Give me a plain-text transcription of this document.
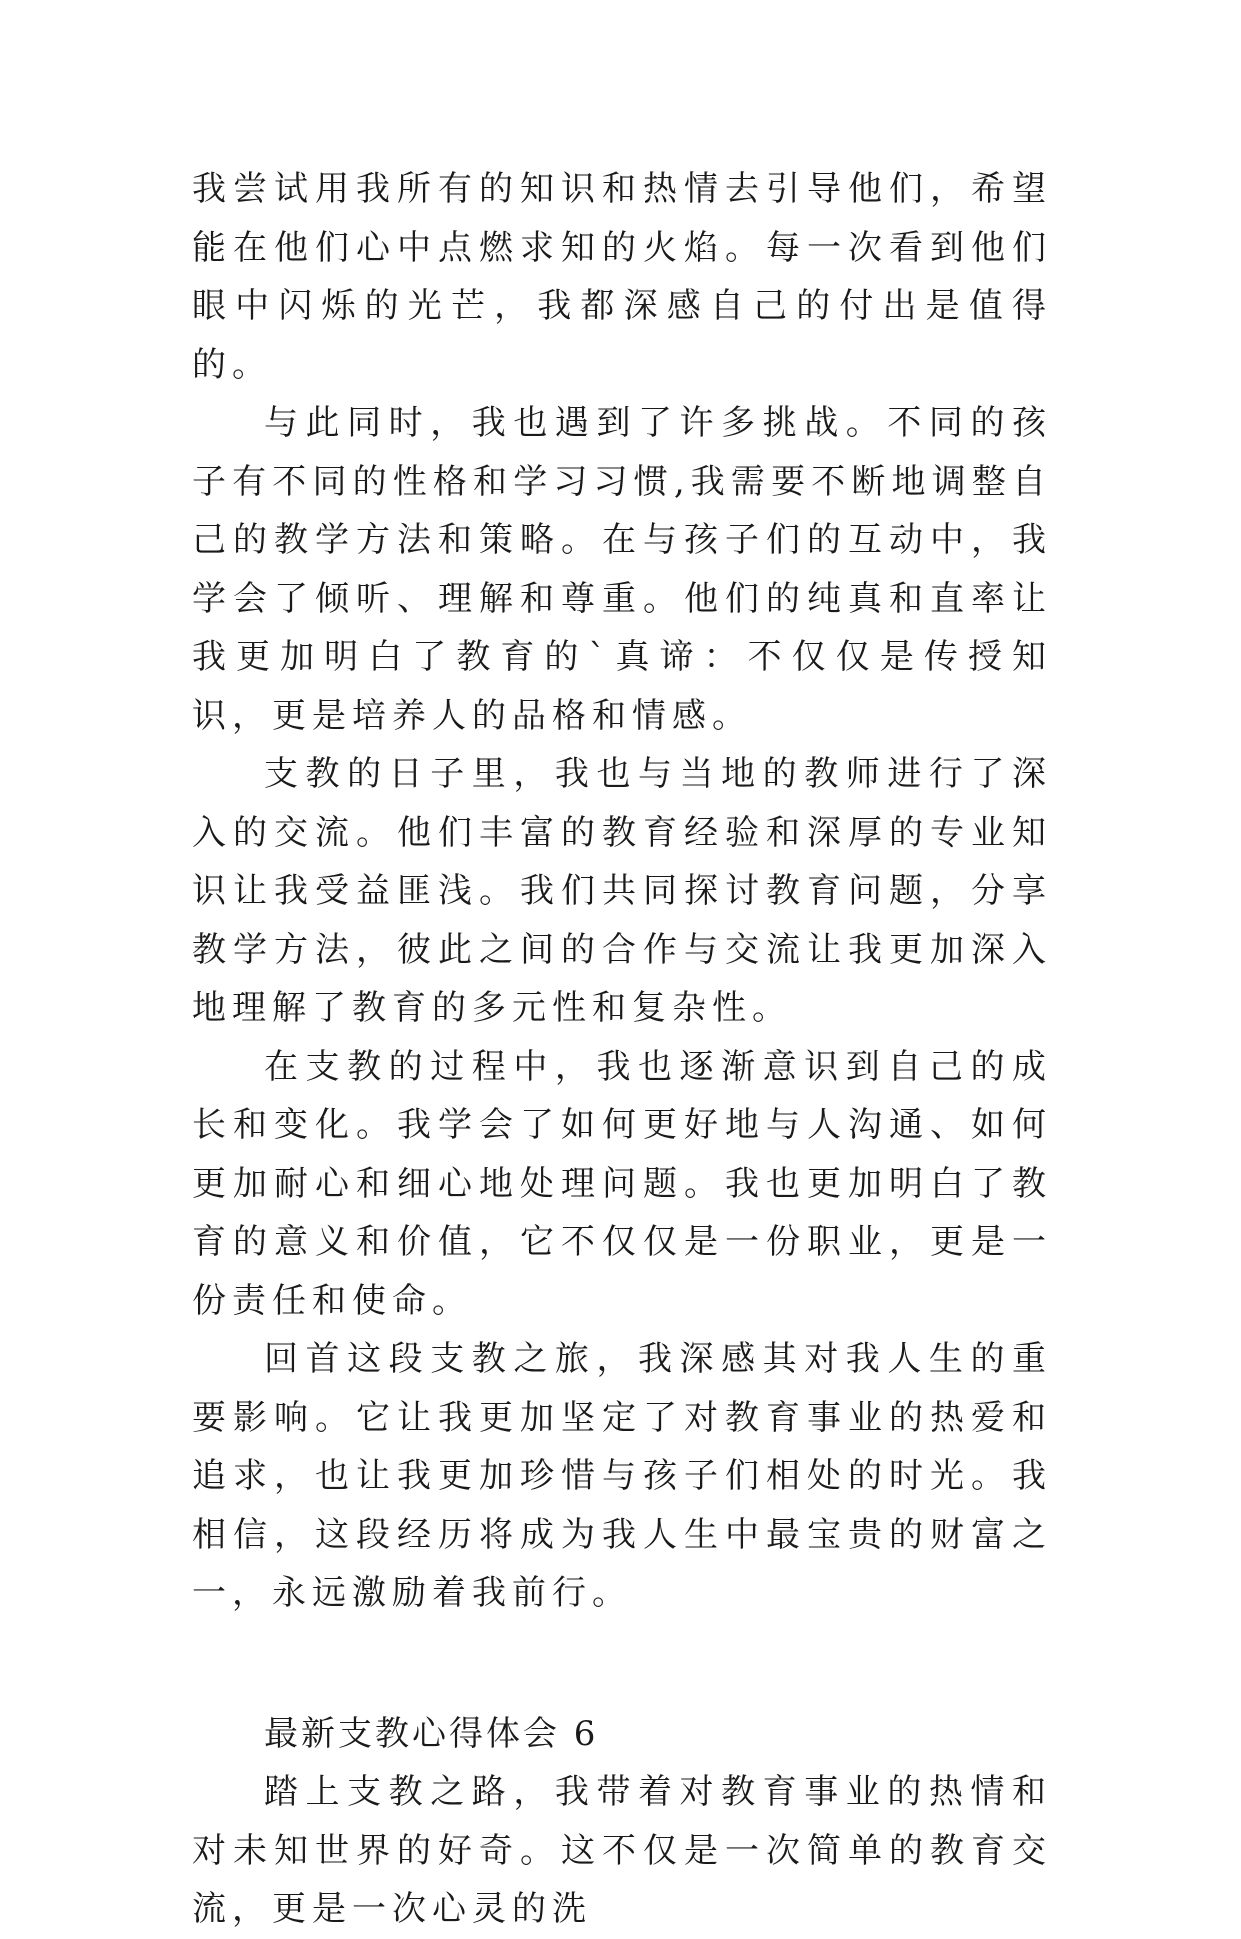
我尝试用我所有的知识和热情去引导他们，希望能在他们心中点燃求知的火焰。每一次看到他们眼中闪烁的光芒，我都深感自己的付出是值得的。

与此同时，我也遇到了许多挑战。不同的孩子有不同的性格和学习习惯,我需要不断地调整自己的教学方法和策略。在与孩子们的互动中，我学会了倾听、理解和尊重。他们的纯真和直率让我更加明白了教育的`真谛：不仅仅是传授知识，更是培养人的品格和情感。

支教的日子里，我也与当地的教师进行了深入的交流。他们丰富的教育经验和深厚的专业知识让我受益匪浅。我们共同探讨教育问题，分享教学方法，彼此之间的合作与交流让我更加深入地理解了教育的多元性和复杂性。

在支教的过程中，我也逐渐意识到自己的成长和变化。我学会了如何更好地与人沟通、如何更加耐心和细心地处理问题。我也更加明白了教育的意义和价值，它不仅仅是一份职业，更是一份责任和使命。

回首这段支教之旅，我深感其对我人生的重要影响。它让我更加坚定了对教育事业的热爱和追求，也让我更加珍惜与孩子们相处的时光。我相信，这段经历将成为我人生中最宝贵的财富之一，永远激励着我前行。

最新支教心得体会 6

踏上支教之路，我带着对教育事业的热情和对未知世界的好奇。这不仅是一次简单的教育交流，更是一次心灵的洗
